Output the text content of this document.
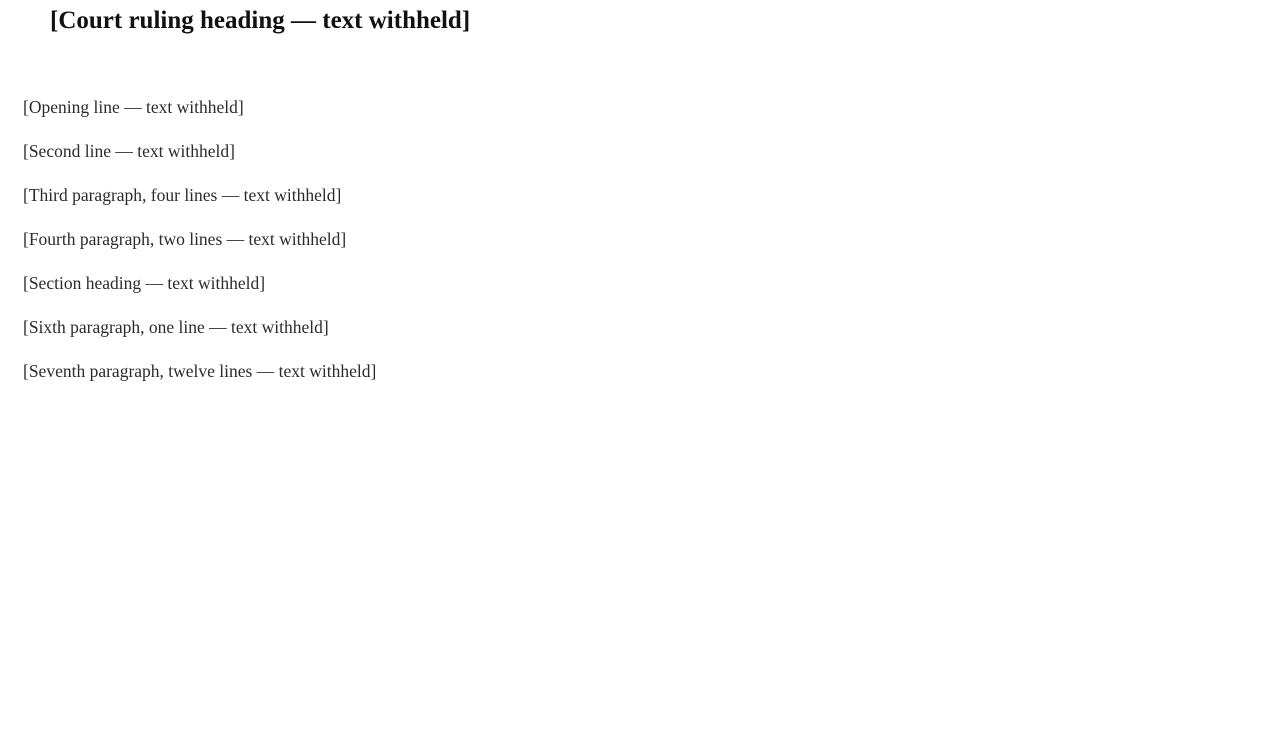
[Court ruling heading — text withheld]

[Opening line — text withheld]

[Second line — text withheld]

[Third paragraph, four lines — text withheld]

[Fourth paragraph, two lines — text withheld]

[Section heading — text withheld]

[Sixth paragraph, one line — text withheld]

[Seventh paragraph, twelve lines — text withheld]
